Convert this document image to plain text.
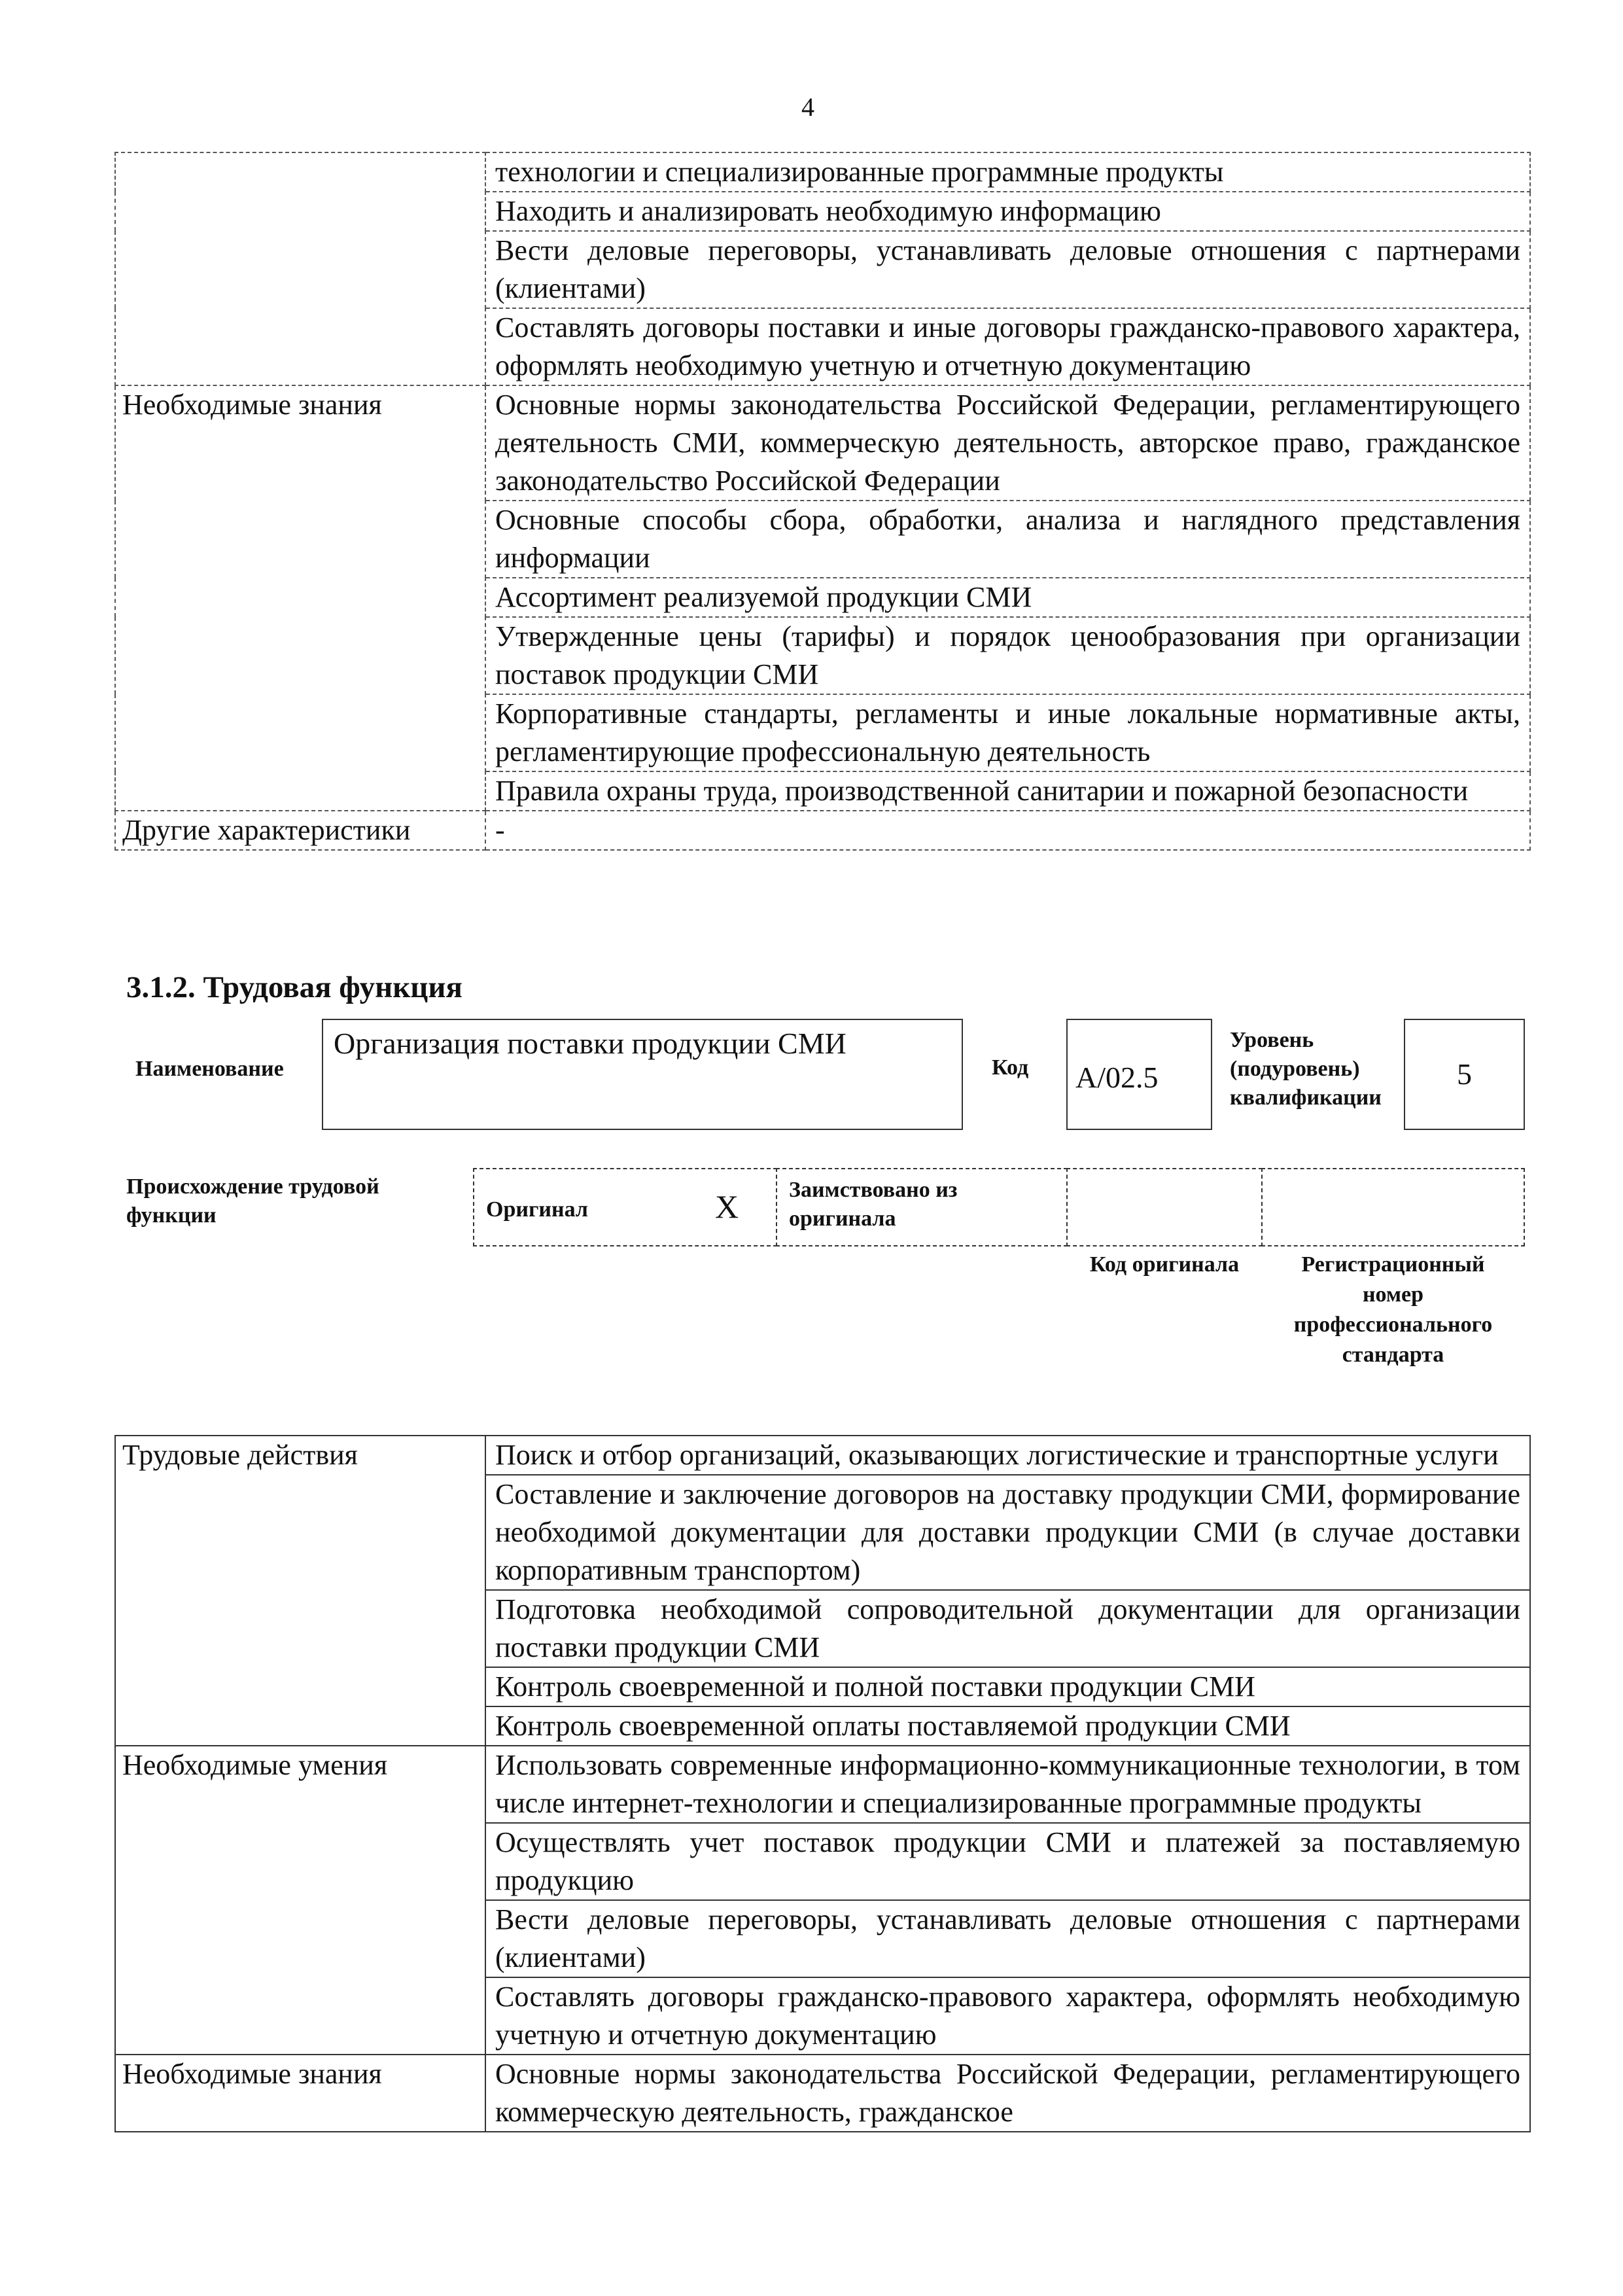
4
	технологии и специализированные программные продукты
	Находить и анализировать необходимую информацию
	Вести деловые переговоры, устанавливать деловые отношения с партнерами (клиентами)
	Составлять договоры поставки и иные договоры гражданско-правового характера, оформлять необходимую учетную и отчетную документацию
Необходимые знания	Основные нормы законодательства Российской Федерации, регламентирующего деятельность СМИ, коммерческую деятельность, авторское право, гражданское законодательство Российской Федерации
	Основные способы сбора, обработки, анализа и наглядного представления информации
	Ассортимент реализуемой продукции СМИ
	Утвержденные цены (тарифы) и порядок ценообразования при организации поставок продукции СМИ
	Корпоративные стандарты, регламенты и иные локальные нормативные акты, регламентирующие профессиональную деятельность
	Правила охраны труда, производственной санитарии и пожарной безопасности
Другие характеристики	-
3.1.2. Трудовая функция
Наименование
Организация поставки продукции СМИ
Код	A/02.5
Уровень
(подуровень)
квалификации
5
Происхождение трудовой
функции	Оригинал	X Заимствовано из
оригинала
Код оригинала	Регистрационный
номер
профессионального
стандарта
Трудовые действия	Поиск и отбор организаций, оказывающих логистические и транспортные услуги
	Составление и заключение договоров на доставку продукции СМИ, формирование необходимой документации для доставки продукции СМИ (в случае доставки корпоративным транспортом)
	Подготовка необходимой сопроводительной документации для организации поставки продукции СМИ
	Контроль своевременной и полной поставки продукции СМИ
	Контроль своевременной оплаты поставляемой продукции СМИ
Необходимые умения	Использовать современные информационно-коммуникационные технологии, в том числе интернет-технологии и специализированные программные продукты
	Осуществлять учет поставок продукции СМИ и платежей за поставляемую продукцию
	Вести деловые переговоры, устанавливать деловые отношения с партнерами (клиентами)
	Составлять договоры гражданско-правового характера, оформлять необходимую учетную и отчетную документацию
Необходимые знания	Основные нормы законодательства Российской Федерации, регламентирующего коммерческую деятельность, гражданское
